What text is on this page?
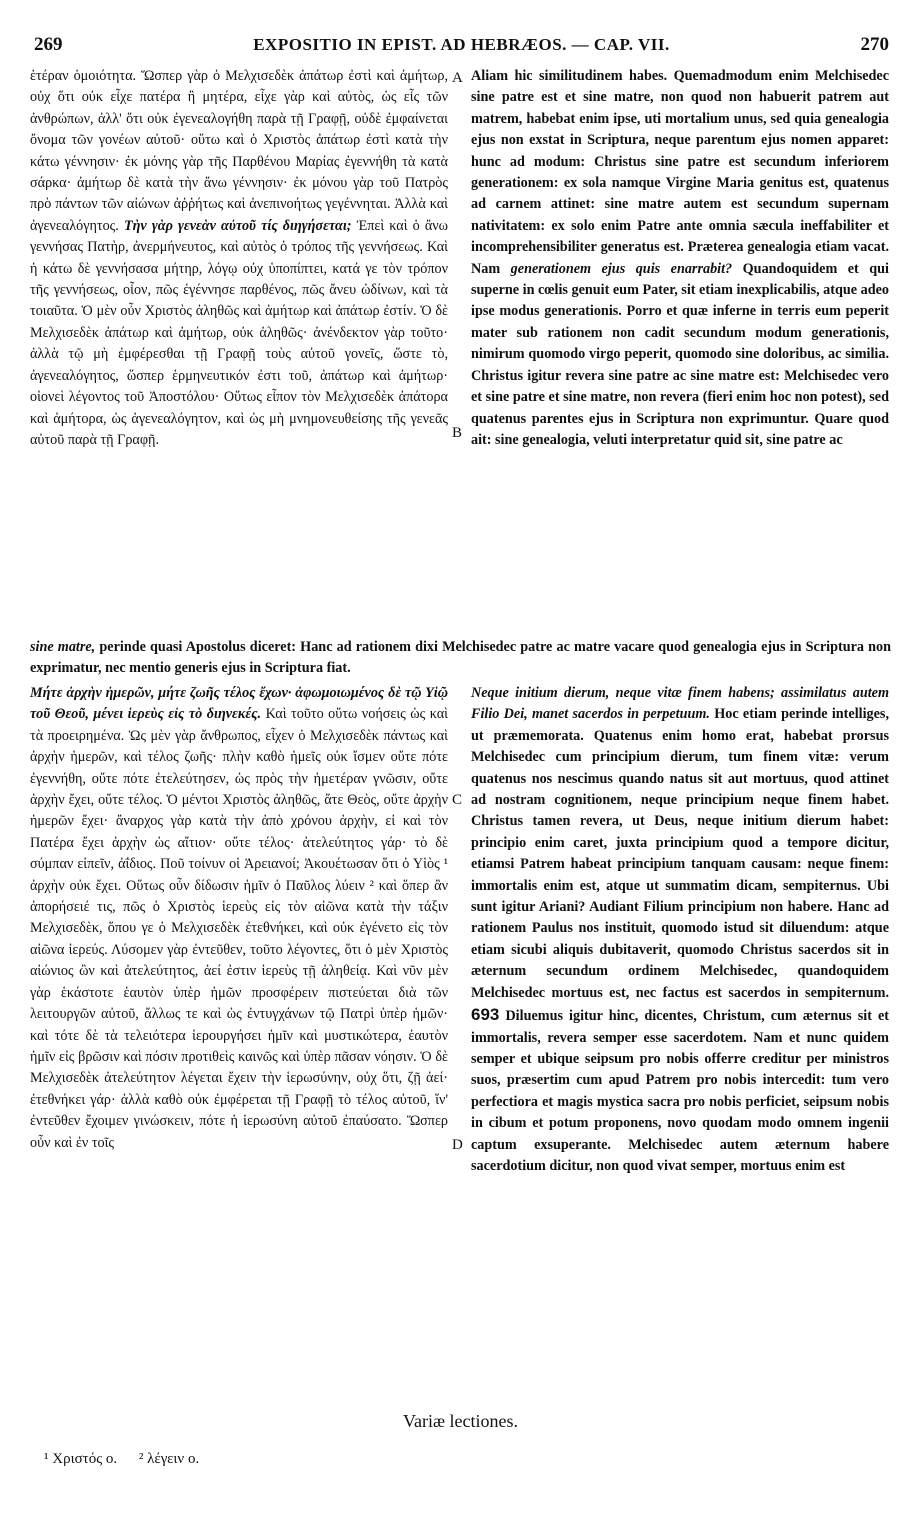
269	EXPOSITIO IN EPIST. AD HEBRÆOS. — CAP. VII.	270

ἑτέραν ὁμοιότητα. Ὥσπερ γὰρ ὁ Μελχισεδὲκ ἀπάτωρ ἐστὶ καὶ ἀμήτωρ, οὐχ ὅτι οὐκ εἶχε πατέρα ἢ μητέρα, εἶχε γὰρ καὶ αὐτὸς, ὡς εἷς τῶν ἀνθρώπων, ἀλλ' ὅτι οὐκ ἐγενεαλογήθη παρὰ τῇ Γραφῇ, οὐδὲ ἐμφαίνεται ὄνομα τῶν γονέων αὐτοῦ· οὕτω καὶ ὁ Χριστὸς ἀπάτωρ ἐστὶ κατὰ τὴν κάτω γέννησιν· ἐκ μόνης γὰρ τῆς Παρθένου Μαρίας ἐγεννήθη τὰ κατὰ σάρκα· ἀμήτωρ δὲ κατὰ τὴν ἄνω γέννησιν· ἐκ μόνου γὰρ τοῦ Πατρὸς πρὸ πάντων τῶν αἰώνων ἀῤῥήτως καὶ ἀνεπινοήτως γεγέννηται. Ἀλλὰ καὶ ἀγενεαλόγητος. Τὴν γὰρ γενεὰν αὐτοῦ τίς διηγήσεται; Ἐπεὶ καὶ ὁ ἄνω γεννήσας Πατὴρ, ἀνερμήνευτος, καὶ αὐτὸς ὁ τρόπος τῆς γεννήσεως. Καὶ ἡ κάτω δὲ γεννήσασα μήτηρ, λόγῳ οὐχ ὑποπίπτει, κατά γε τὸν τρόπον τῆς γεννήσεως, οἷον, πῶς ἐγέννησε παρθένος, πῶς ἄνευ ὠδίνων, καὶ τὰ τοιαῦτα. Ὁ μὲν οὖν Χριστὸς ἀληθῶς καὶ ἀμήτωρ καὶ ἀπάτωρ ἐστίν. Ὁ δὲ Μελχισεδὲκ ἀπάτωρ καὶ ἀμήτωρ, οὐκ ἀληθῶς· ἀνένδεκτον γὰρ τοῦτο· ἀλλὰ τῷ μὴ ἐμφέρεσθαι τῇ Γραφῇ τοὺς αὐτοῦ γονεῖς, ὥστε τὸ, ἀγενεαλόγητος, ὥσπερ ἑρμηνευτικόν ἐστι τοῦ, ἀπάτωρ καὶ ἀμήτωρ· οἱονεὶ λέγοντος τοῦ Ἀποστόλου· Οὕτως εἶπον τὸν Μελχισεδὲκ ἀπάτορα καὶ ἀμήτορα, ὡς ἀγενεαλόγητον, καὶ ὡς μὴ μνημονευθείσης τῆς γενεᾶς αὐτοῦ παρὰ τῇ Γραφῇ.

Aliam hic similitudinem habes. Quemadmodum enim Melchisedec sine patre est et sine matre, non quod non habuerit patrem aut matrem, habebat enim ipse, uti mortalium unus, sed quia genealogia ejus non exstat in Scriptura, neque parentum ejus nomen apparet: hunc ad modum: Christus sine patre est secundum inferiorem generationem: ex sola namque Virgine Maria genitus est, quatenus ad carnem attinet: sine matre autem est secundum supernam nativitatem: ex solo enim Patre ante omnia sæcula ineffabiliter et incomprehensibiliter generatus est. Præterea genealogia etiam vacat. Nam generationem ejus quis enarrabit? Quandoquidem et qui superne in cœlis genuit eum Pater, sit etiam inexplicabilis, atque adeo ipse modus generationis. Porro et quæ inferne in terris eum peperit mater sub rationem non cadit secundum modum generationis, nimirum quomodo virgo peperit, quomodo sine doloribus, ac similia. Christus igitur revera sine patre ac sine matre est: Melchisedec vero et sine patre et sine matre, non revera (fieri enim hoc non potest), sed quatenus parentes ejus in Scriptura non exprimuntur. Quare quod ait: sine genealogia, veluti interpretatur quid sit, sine patre ac

A
B
sine matre, perinde quasi Apostolus diceret: Hanc ad rationem dixi Melchisedec patre ac matre vacare quod genealogia ejus in Scriptura non exprimatur, nec mentio generis ejus in Scriptura fiat.

Μήτε ἀρχὴν ἡμερῶν, μήτε ζωῆς τέλος ἔχων· ἀφωμοιωμένος δὲ τῷ Υἱῷ τοῦ Θεοῦ, μένει ἱερεὺς εἰς τὸ διηνεκές. Καὶ τοῦτο οὕτω νοήσεις ὡς καὶ τὰ προειρημένα. Ὡς μὲν γὰρ ἄνθρωπος, εἶχεν ὁ Μελχισεδὲκ πάντως καὶ ἀρχὴν ἡμερῶν, καὶ τέλος ζωῆς· πλὴν καθὸ ἡμεῖς οὐκ ἴσμεν οὔτε πότε ἐγεννήθη, οὔτε πότε ἐτελεύτησεν, ὡς πρὸς τὴν ἡμετέραν γνῶσιν, οὔτε ἀρχὴν ἔχει, οὔτε τέλος. Ὁ μέντοι Χριστὸς ἀληθῶς, ἅτε Θεὸς, οὔτε ἀρχὴν ἡμερῶν ἔχει· ἄναρχος γὰρ κατὰ τὴν ἀπὸ χρόνου ἀρχὴν, εἰ καὶ τὸν Πατέρα ἔχει ἀρχὴν ὡς αἴτιον· οὔτε τέλος· ἀτελεύτητος γάρ· τὸ δὲ σύμπαν εἰπεῖν, ἀΐδιος. Ποῦ τοίνυν οἱ Ἀρειανοί; Ἀκουέτωσαν ὅτι ὁ Υἱὸς ¹ ἀρχὴν οὐκ ἔχει. Οὕτως οὖν δίδωσιν ἡμῖν ὁ Παῦλος λύειν ² καὶ ὅπερ ἂν ἀπορήσειέ τις, πῶς ὁ Χριστὸς ἱερεὺς εἰς τὸν αἰῶνα κατὰ τὴν τάξιν Μελχισεδὲκ, ὅπου γε ὁ Μελχισεδὲκ ἐτεθνήκει, καὶ οὐκ ἐγένετο εἰς τὸν αἰῶνα ἱερεύς. Λύσομεν γὰρ ἐντεῦθεν, τοῦτο λέγοντες, ὅτι ὁ μὲν Χριστὸς αἰώνιος ὢν καὶ ἀτελεύτητος, ἀεί ἐστιν ἱερεὺς τῇ ἀληθείᾳ. Καὶ νῦν μὲν γὰρ ἑκάστοτε ἑαυτὸν ὑπὲρ ἡμῶν προσφέρειν πιστεύεται διὰ τῶν λειτουργῶν αὐτοῦ, ἄλλως τε καὶ ὡς ἐντυγχάνων τῷ Πατρὶ ὑπὲρ ἡμῶν· καὶ τότε δὲ τὰ τελειότερα ἱερουργήσει ἡμῖν καὶ μυστικώτερα, ἑαυτὸν ἡμῖν εἰς βρῶσιν καὶ πόσιν προτιθεὶς καινῶς καὶ ὑπὲρ πᾶσαν νόησιν. Ὁ δὲ Μελχισεδὲκ ἀτελεύτητον λέγεται ἔχειν τὴν ἱερωσύνην, οὐχ ὅτι, ζῇ ἀεί· ἐτεθνήκει γάρ· ἀλλὰ καθὸ οὐκ ἐμφέρεται τῇ Γραφῇ τὸ τέλος αὐτοῦ, ἵν' ἐντεῦθεν ἔχοιμεν γινώσκειν, πότε ἡ ἱερωσύνη αὐτοῦ ἐπαύσατο. Ὥσπερ οὖν καὶ ἐν τοῖς

Neque initium dierum, neque vitæ finem habens; assimilatus autem Filio Dei, manet sacerdos in perpetuum. Hoc etiam perinde intelliges, ut præmemorata. Quatenus enim homo erat, habebat prorsus Melchisedec cum principium dierum, tum finem vitæ: verum quatenus nos nescimus quando natus sit aut mortuus, quod attinet ad nostram cognitionem, neque principium neque finem habet. Christus tamen revera, ut Deus, neque initium dierum habet: principio enim caret, juxta principium quod a tempore dicitur, etiamsi Patrem habeat principium tanquam causam: neque finem: immortalis enim est, atque ut summatim dicam, sempiternus. Ubi sunt igitur Ariani? Audiant Filium principium non habere. Hanc ad rationem Paulus nos instituit, quomodo istud sit diluendum: atque etiam sicubi aliquis dubitaverit, quomodo Christus sacerdos sit in æternum secundum ordinem Melchisedec, quandoquidem Melchisedec mortuus est, nec factus est sacerdos in sempiternum. 693 Diluemus igitur hinc, dicentes, Christum, cum æternus sit et immortalis, revera semper esse sacerdotem. Nam et nunc quidem semper et ubique seipsum pro nobis offerre creditur per ministros suos, præsertim cum apud Patrem pro nobis intercedit: tum vero perfectiora et magis mystica sacra pro nobis perficiet, seipsum nobis in cibum et potum proponens, novo quodam modo omnem ingenii captum exsuperante. Melchisedec autem æternum habere sacerdotium dicitur, non quod vivat semper, mortuus enim est

C
D
Variæ lectiones.
¹ Χριστός ο. ² λέγειν ο.
